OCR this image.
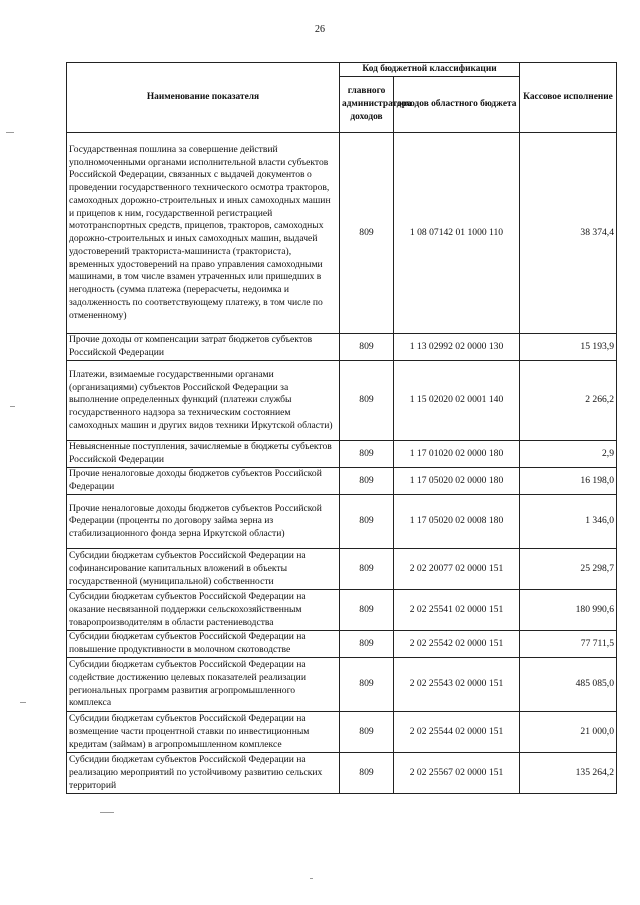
26
Наименование показателя	Код бюджетной классификации		Кассовое исполнение
	главного администратора доходов	доходов областного бюджета	
Государственная пошлина за совершение действий уполномоченными органами исполнительной власти субъектов Российской Федерации, связанных с выдачей документов о проведении государственного технического осмотра тракторов, самоходных дорожно-строительных и иных самоходных машин и прицепов к ним, государственной регистрацией мототранспортных средств, прицепов, тракторов, самоходных дорожно-строительных и иных самоходных машин, выдачей удостоверений тракториста-машиниста (тракториста), временных удостоверений на право управления самоходными машинами, в том числе взамен утраченных или пришедших в негодность (сумма платежа (перерасчеты, недоимка и задолженность по соответствующему платежу, в том числе по отмененному)	809	1 08 07142 01 1000 110	38 374,4
Прочие доходы от компенсации затрат бюджетов субъектов Российской Федерации	809	1 13 02992 02 0000 130	15 193,9
Платежи, взимаемые государственными органами (организациями) субъектов Российской Федерации за выполнение определенных функций (платежи службы государственного надзора за техническим состоянием самоходных машин и других видов техники Иркутской области)	809	1 15 02020 02 0001 140	2 266,2
Невыясненные поступления, зачисляемые в бюджеты субъектов Российской Федерации	809	1 17 01020 02 0000 180	2,9
Прочие неналоговые доходы бюджетов субъектов Российской Федерации	809	1 17 05020 02 0000 180	16 198,0
Прочие неналоговые доходы бюджетов субъектов Российской Федерации (проценты по договору займа зерна из стабилизационного фонда зерна Иркутской области)	809	1 17 05020 02 0008 180	1 346,0
Субсидии бюджетам субъектов Российской Федерации на софинансирование капитальных вложений в объекты государственной (муниципальной) собственности	809	2 02 20077 02 0000 151	25 298,7
Субсидии бюджетам субъектов Российской Федерации на оказание несвязанной поддержки сельскохозяйственным товаропроизводителям в области растениеводства	809	2 02 25541 02 0000 151	180 990,6
Субсидии бюджетам субъектов Российской Федерации на повышение продуктивности в молочном скотоводстве	809	2 02 25542 02 0000 151	77 711,5
Субсидии бюджетам субъектов Российской Федерации на содействие достижению целевых показателей реализации региональных программ развития агропромышленного комплекса	809	2 02 25543 02 0000 151	485 085,0
Субсидии бюджетам субъектов Российской Федерации на возмещение части процентной ставки по инвестиционным кредитам (займам) в агропромышленном комплексе	809	2 02 25544 02 0000 151	21 000,0
Субсидии бюджетам субъектов Российской Федерации на реализацию мероприятий по устойчивому развитию сельских территорий	809	2 02 25567 02 0000 151	135 264,2
